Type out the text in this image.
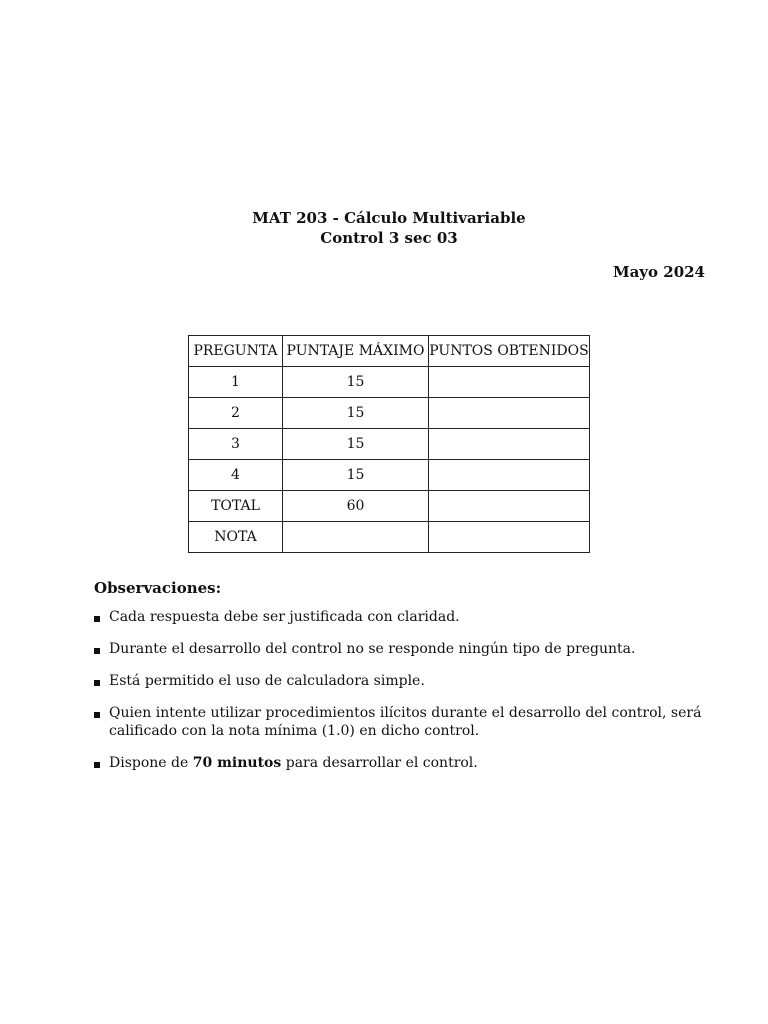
MAT 203 - Cálculo Multivariable
Control 3 sec 03
Mayo 2024
PREGUNTA	PUNTAJE MÁXIMO	PUNTOS OBTENIDOS
1	15	
2	15	
3	15	
4	15	
TOTAL	60	
NOTA		
Observaciones:
Cada respuesta debe ser justificada con claridad.
Durante el desarrollo del control no se responde ningún tipo de pregunta.
Está permitido el uso de calculadora simple.
Quien intente utilizar procedimientos ilícitos durante el desarrollo del control, será calificado con la nota mínima (1.0) en dicho control.
Dispone de 70 minutos para desarrollar el control.
